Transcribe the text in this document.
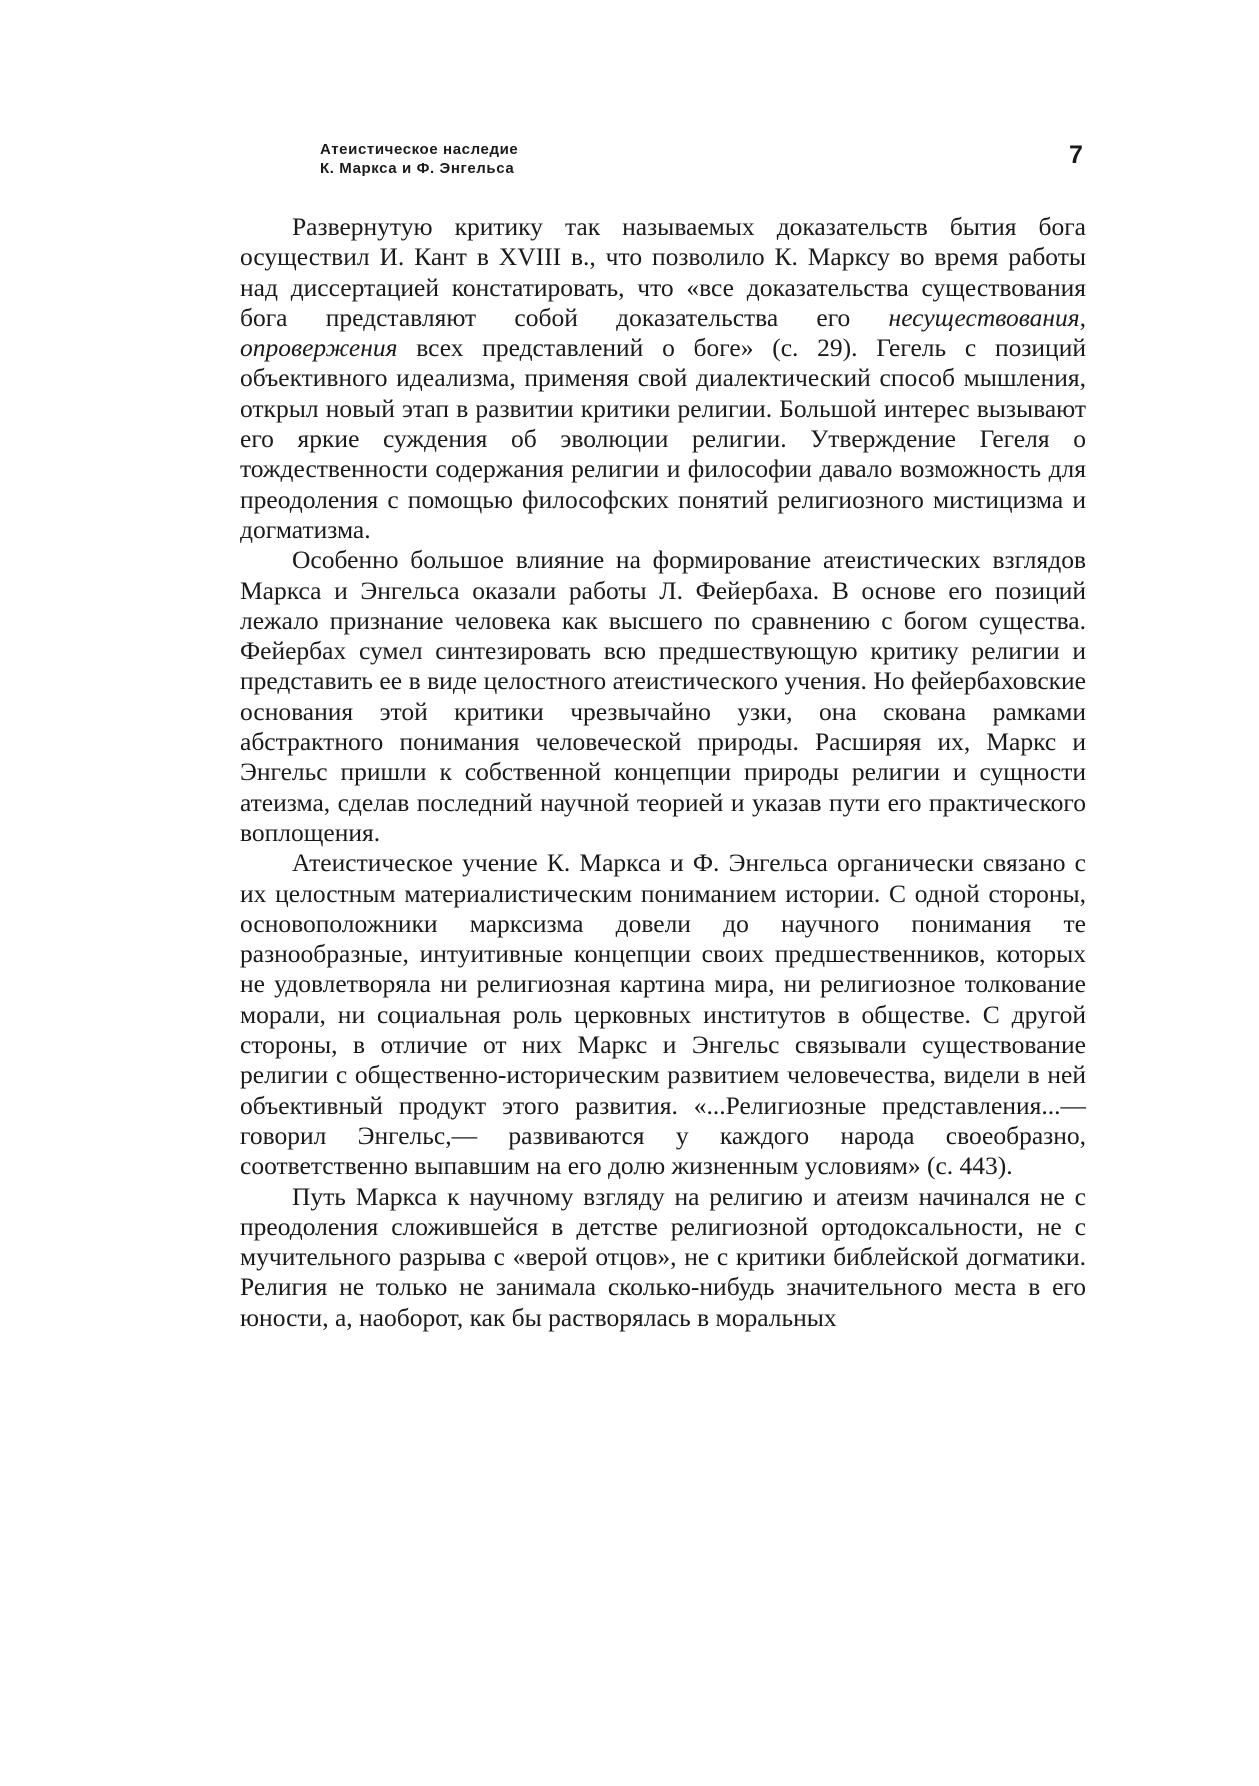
Атеистическое наследие
К. Маркса и Ф. Энгельса	7

Развернутую критику так называемых доказательств бытия бога осуществил И. Кант в XVIII в., что позволило К. Марксу во время работы над диссертацией констатировать, что «все доказательства существования бога представляют собой доказательства его несуществования, опровержения всех представлений о боге» (с. 29). Гегель с позиций объективного идеализма, применяя свой диалектический способ мышления, открыл новый этап в развитии критики религии. Большой интерес вызывают его яркие суждения об эволюции религии. Утверждение Гегеля о тождественности содержания религии и философии давало возможность для преодоления с помощью философских понятий религиозного мистицизма и догматизма.

Особенно большое влияние на формирование атеистических взглядов Маркса и Энгельса оказали работы Л. Фейербаха. В основе его позиций лежало признание человека как высшего по сравнению с богом существа. Фейербах сумел синтезировать всю предшествующую критику религии и представить ее в виде целостного атеистического учения. Но фейербаховские основания этой критики чрезвычайно узки, она скована рамками абстрактного понимания человеческой природы. Расширяя их, Маркс и Энгельс пришли к собственной концепции природы религии и сущности атеизма, сделав последний научной теорией и указав пути его практического воплощения.

Атеистическое учение К. Маркса и Ф. Энгельса органически связано с их целостным материалистическим пониманием истории. С одной стороны, основоположники марксизма довели до научного понимания те разнообразные, интуитивные концепции своих предшественников, которых не удовлетворяла ни религиозная картина мира, ни религиозное толкование морали, ни социальная роль церковных институтов в обществе. С другой стороны, в отличие от них Маркс и Энгельс связывали существование религии с общественно-историческим развитием человечества, видели в ней объективный продукт этого развития. «...Религиозные представления...— говорил Энгельс,— развиваются у каждого народа своеобразно, соответственно выпавшим на его долю жизненным условиям» (с. 443).

Путь Маркса к научному взгляду на религию и атеизм начинался не с преодоления сложившейся в детстве религиозной ортодоксальности, не с мучительного разрыва с «верой отцов», не с критики библейской догматики. Религия не только не занимала сколько-нибудь значительного места в его юности, а, наоборот, как бы растворялась в моральных
